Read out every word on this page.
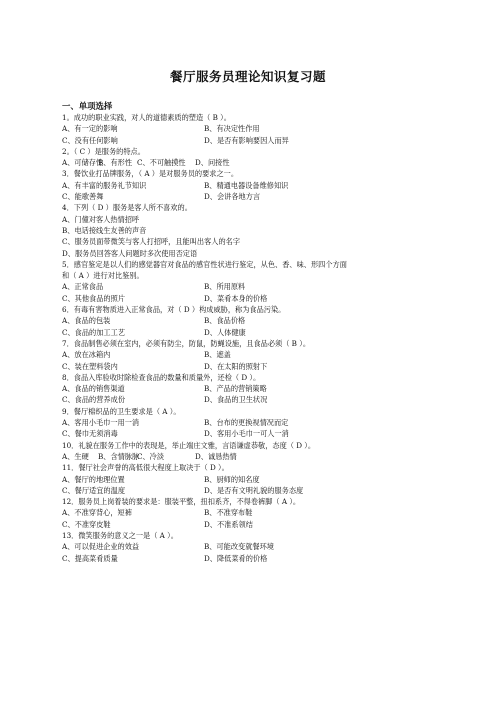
餐厅服务员理论知识复习题
一、单项选择
1。成功的职业实践，对人的道德素质的塑造（ B ）。
A、有一定的影响	B、有决定性作用
C、没有任何影响	D、是否有影响要因人而异
2。（ C ）是服务的特点。
A、可储存性
B、有形性 C、不可触摸性	D、问接性
3．餐饮业打品牌服务，（ A ）是对服务员的要求之一。
A、有丰富的服务礼节知识	B、精通电器设备维修知识
C、能歌善舞	D、会讲各地方言
4．下列（ D ）服务是客人所不喜欢的。
A、门僮对客人热情招呼
B、电话接线生友善的声音
C、服务员面带微笑与客人打招呼，且能叫出客人的名字
D、服务员回答客人问题时多次使用否定语
5．感官鉴定是以人们的感觉器官对食品的感官性状进行鉴定，从色、香、味、形四个方面
和（ A ）进行对比鉴别。
A、正常食品	B、所用原料
C、其他食品的照片	D、菜肴本身的价格
6．有毒有害物质进入正常食品，对（ D ）构成威胁，称为食品污染。
A、食品的包装	B、食品价格
C、食品的加工工艺	D、人体健康
7．食品制售必须在室内，必须有防尘，防鼠，防蝇设施，且食品必须（ B ）。
A、放在冰箱内	B、遮盖
C、装在塑料袋内	D、在太阳的照射下
8．食品入库验收时除检查食品的数量和质量外，还检（ D ）。
A、食品的销售渠道	B、产品的营销策略
C、食品的营养成份	D、食品的卫生状况
9．餐厅棉织品的卫生要求是（ A ）。
A、客用小毛巾一用一消	B、台布的更换视情况而定
C、餐巾无须消毒	D、客用小毛巾一可人一消
10．礼貌在服务工作中的表现是，举止端庄文雅，言语谦虚恭敬，态度（ D ）。
A、生硬	B、含情脉脉
C、冷淡	D、诚恳热情
11．餐厅社会声誉的高低很大程度上取决于（ D ）。
A、餐厅的地理位置	B、厨师的知名度
C、餐厅适宜的温度	D、是否有文明礼貌的服务态度
12．服务员上岗着装的要求是：服装平整，扭扣系齐，不得卷裤脚（ A ）。
A、不准穿背心，短裤	B、不准穿布鞋
C、不准穿皮鞋	D、不准系领结
13．微笑服务的意义之一是（ A ）。
A、可以促进企业的效益	B、可能改变就餐环境
C、提高菜肴质量	D、降低菜肴的价格
